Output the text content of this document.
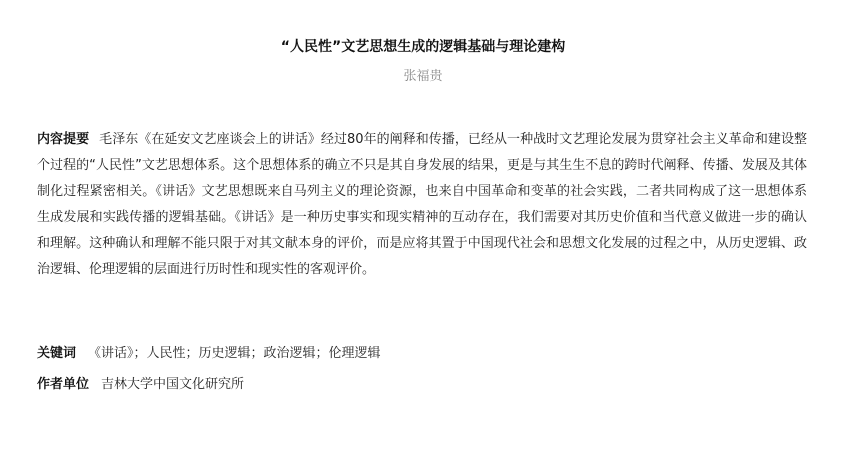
“人民性”文艺思想生成的逻辑基础与理论建构
张福贵

内容提要 毛泽东《在延安文艺座谈会上的讲话》经过80年的阐释和传播，已经从一种战时文艺理论发展为贯穿社会主义革命和建设整个过程的“人民性”文艺思想体系。这个思想体系的确立不只是其自身发展的结果，更是与其生生不息的跨时代阐释、传播、发展及其体制化过程紧密相关。《讲话》文艺思想既来自马列主义的理论资源，也来自中国革命和变革的社会实践，二者共同构成了这一思想体系生成发展和实践传播的逻辑基础。《讲话》是一种历史事实和现实精神的互动存在，我们需要对其历史价值和当代意义做进一步的确认和理解。这种确认和理解不能只限于对其文献本身的评价，而是应将其置于中国现代社会和思想文化发展的过程之中，从历史逻辑、政治逻辑、伦理逻辑的层面进行历时性和现实性的客观评价。

关键词 《讲话》；人民性；历史逻辑；政治逻辑；伦理逻辑
作者单位 吉林大学中国文化研究所
